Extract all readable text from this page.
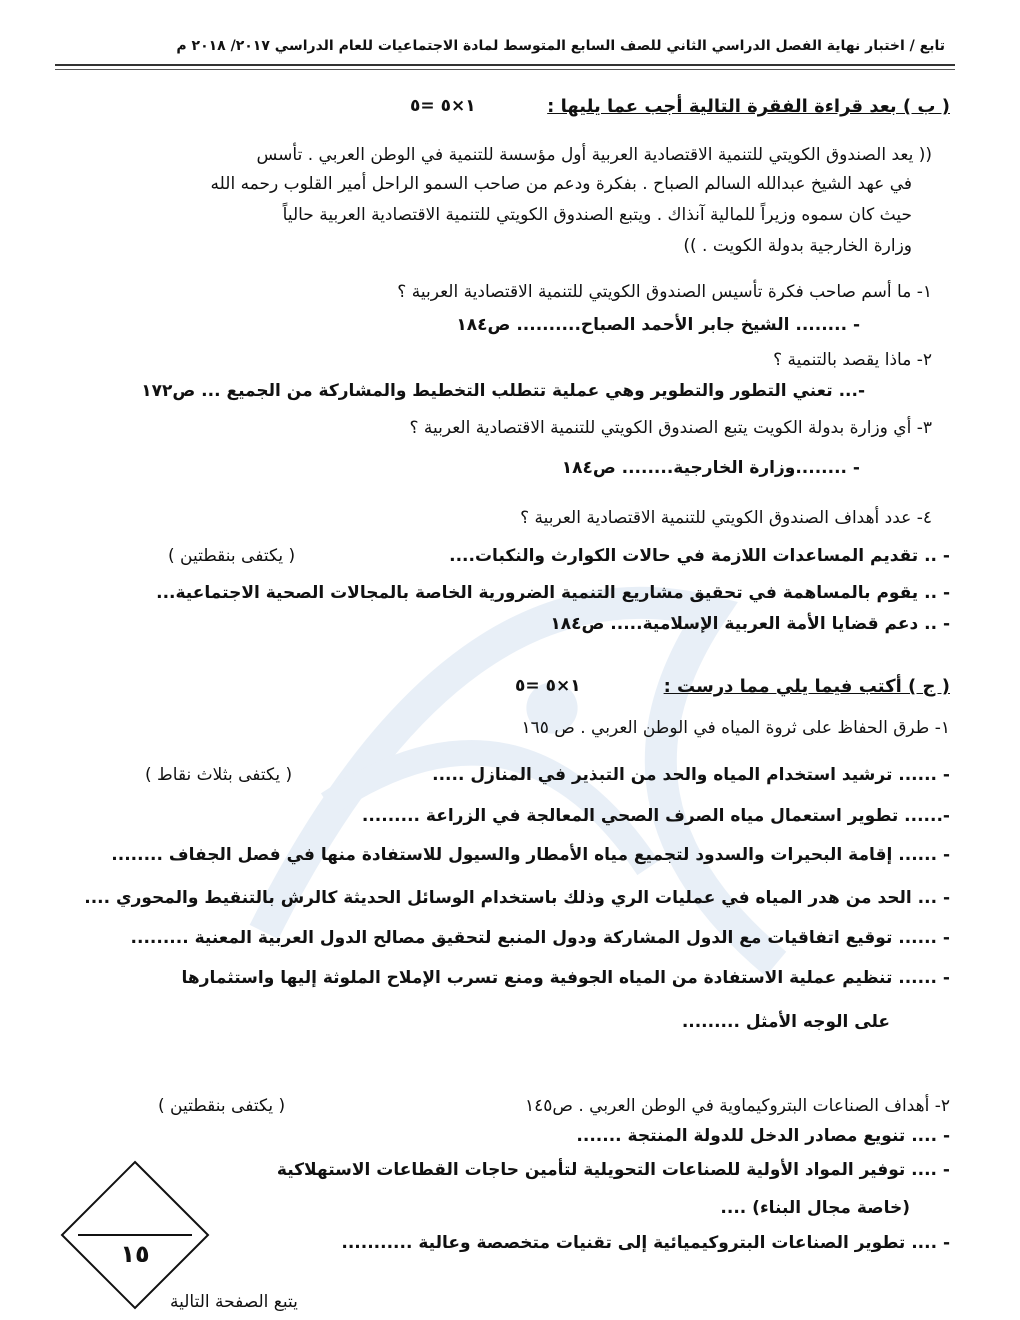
تابع / اختبار نهاية الفصل الدراسي الثاني للصف السابع المتوسط لمادة الاجتماعيات للعام الدراسي ٢٠١٧/ ٢٠١٨ م
( ب ) بعد قراءة الفقرة التالية أجب عما يليها :
١×٥ =٥
(( يعد الصندوق الكويتي للتنمية الاقتصادية العربية أول مؤسسة للتنمية في الوطن العربي . تأسس
في عهد الشيخ عبدالله السالم الصباح . بفكرة ودعم من صاحب السمو الراحل أمير القلوب رحمه الله
حيث كان سموه وزيراً للمالية آنذاك . ويتبع الصندوق الكويتي للتنمية الاقتصادية العربية حالياً
وزارة الخارجية بدولة الكويت . ))
١- ما أسم صاحب فكرة تأسيس الصندوق الكويتي للتنمية الاقتصادية العربية ؟
- ........ الشيخ جابر الأحمد الصباح.......... ص١٨٤
٢- ماذا يقصد بالتنمية ؟
-... تعني التطور والتطوير وهي عملية تتطلب التخطيط والمشاركة من الجميع ... ص١٧٢
٣- أي وزارة بدولة الكويت يتبع الصندوق الكويتي للتنمية الاقتصادية العربية ؟
- ........وزارة الخارجية........ ص١٨٤
٤- عدد أهداف الصندوق الكويتي للتنمية الاقتصادية العربية ؟
- .. تقديم المساعدات اللازمة في حالات الكوارث والنكبات....
( يكتفى بنقطتين )
- .. يقوم بالمساهمة في تحقيق مشاريع التنمية الضرورية الخاصة بالمجالات الصحية الاجتماعية...
- .. دعم قضايا الأمة العربية الإسلامية..... ص١٨٤
( ج ) أكتب فيما يلي مما درست :
١×٥ =٥
١- طرق الحفاظ على ثروة المياه في الوطن العربي . ص ١٦٥
- ...... ترشيد استخدام المياه والحد من التبذير في المنازل .....
( يكتفى بثلاث نقاط )
-...... تطوير استعمال مياه الصرف الصحي المعالجة في الزراعة .........
- ...... إقامة البحيرات والسدود لتجميع مياه الأمطار والسيول للاستفادة منها في فصل الجفاف ........
- ... الحد من هدر المياه في عمليات الري وذلك باستخدام الوسائل الحديثة كالرش بالتنقيط والمحوري ....
- ...... توقيع اتفاقيات مع الدول المشاركة ودول المنبع لتحقيق مصالح الدول العربية المعنية .........
- ...... تنظيم عملية الاستفادة من المياه الجوفية ومنع تسرب الإملاح الملوثة إليها واستثمارها
على الوجه الأمثل .........
٢- أهداف الصناعات البتروكيماوية في الوطن العربي . ص١٤٥
( يكتفى بنقطتين )
- .... تنويع مصادر الدخل للدولة المنتجة .......
- .... توفير المواد الأولية للصناعات التحويلية لتأمين حاجات القطاعات الاستهلاكية
(خاصة مجال البناء) ....
- .... تطوير الصناعات البتروكيميائية إلى تقنيات متخصصة وعالية ...........
١٥
يتبع الصفحة التالية
